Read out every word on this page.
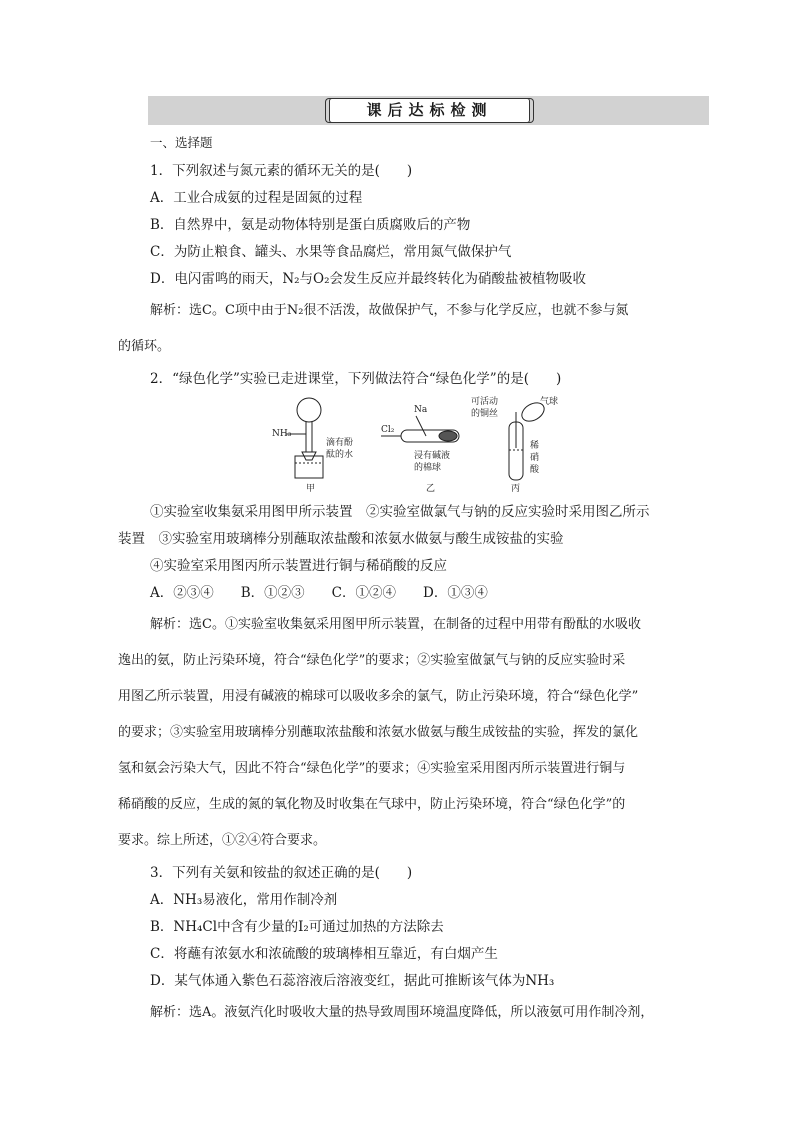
课后达标检测
一、选择题
1．下列叙述与氮元素的循环无关的是(　　)
A．工业合成氨的过程是固氮的过程
B．自然界中，氨是动物体特别是蛋白质腐败后的产物
C．为防止粮食、罐头、水果等食品腐烂，常用氮气做保护气
D．电闪雷鸣的雨天，N₂与O₂会发生反应并最终转化为硝酸盐被植物吸收
解析：选C。C项中由于N₂很不活泼，故做保护气，不参与化学反应，也就不参与氮
的循环。
2．“绿色化学”实验已走进课堂，下列做法符合“绿色化学”的是(　　)
NH₃
滴有酚
酞的水
甲
Cl₂
Na
浸有碱液
的棉球
乙
可活动
的铜丝
气球
稀
硝
酸
丙
①实验室收集氨采用图甲所示装置　②实验室做氯气与钠的反应实验时采用图乙所示
装置　③实验室用玻璃棒分别蘸取浓盐酸和浓氨水做氨与酸生成铵盐的实验
④实验室采用图丙所示装置进行铜与稀硝酸的反应
A．②③④　　B．①②③　　C．①②④　　D．①③④
解析：选C。①实验室收集氨采用图甲所示装置，在制备的过程中用带有酚酞的水吸收
逸出的氨，防止污染环境，符合“绿色化学”的要求；②实验室做氯气与钠的反应实验时采
用图乙所示装置，用浸有碱液的棉球可以吸收多余的氯气，防止污染环境，符合“绿色化学”
的要求；③实验室用玻璃棒分别蘸取浓盐酸和浓氨水做氨与酸生成铵盐的实验，挥发的氯化
氢和氨会污染大气，因此不符合“绿色化学”的要求；④实验室采用图丙所示装置进行铜与
稀硝酸的反应，生成的氮的氧化物及时收集在气球中，防止污染环境，符合“绿色化学”的
要求。综上所述，①②④符合要求。
3．下列有关氨和铵盐的叙述正确的是(　　)
A．NH₃易液化，常用作制冷剂
B．NH₄Cl中含有少量的I₂可通过加热的方法除去
C．将蘸有浓氨水和浓硫酸的玻璃棒相互靠近，有白烟产生
D．某气体通入紫色石蕊溶液后溶液变红，据此可推断该气体为NH₃
解析：选A。液氨汽化时吸收大量的热导致周围环境温度降低，所以液氨可用作制冷剂，
